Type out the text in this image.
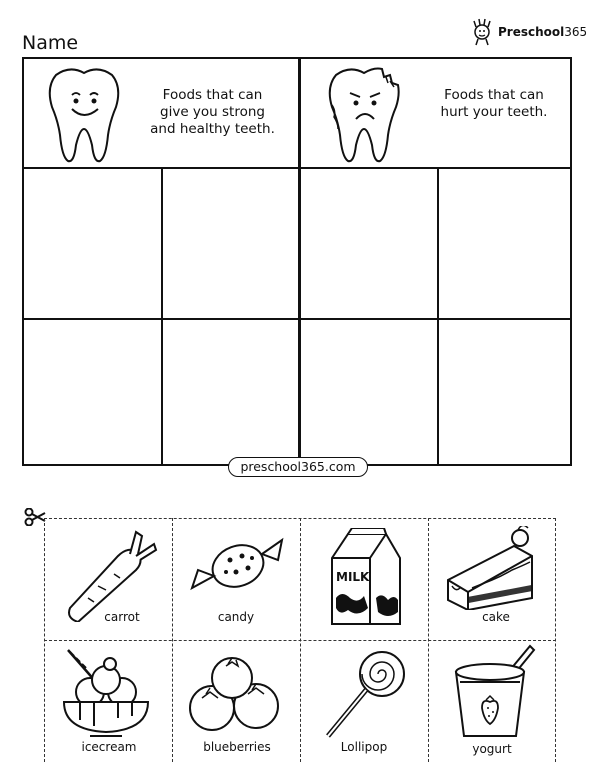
Name	Preschool365
Foods that can
give you strong
and healthy teeth.
Foods that can
hurt your teeth.
preschool365.com
carrot	candy
MILK
cake
icecream	blueberries	Lollipop	yogurt
